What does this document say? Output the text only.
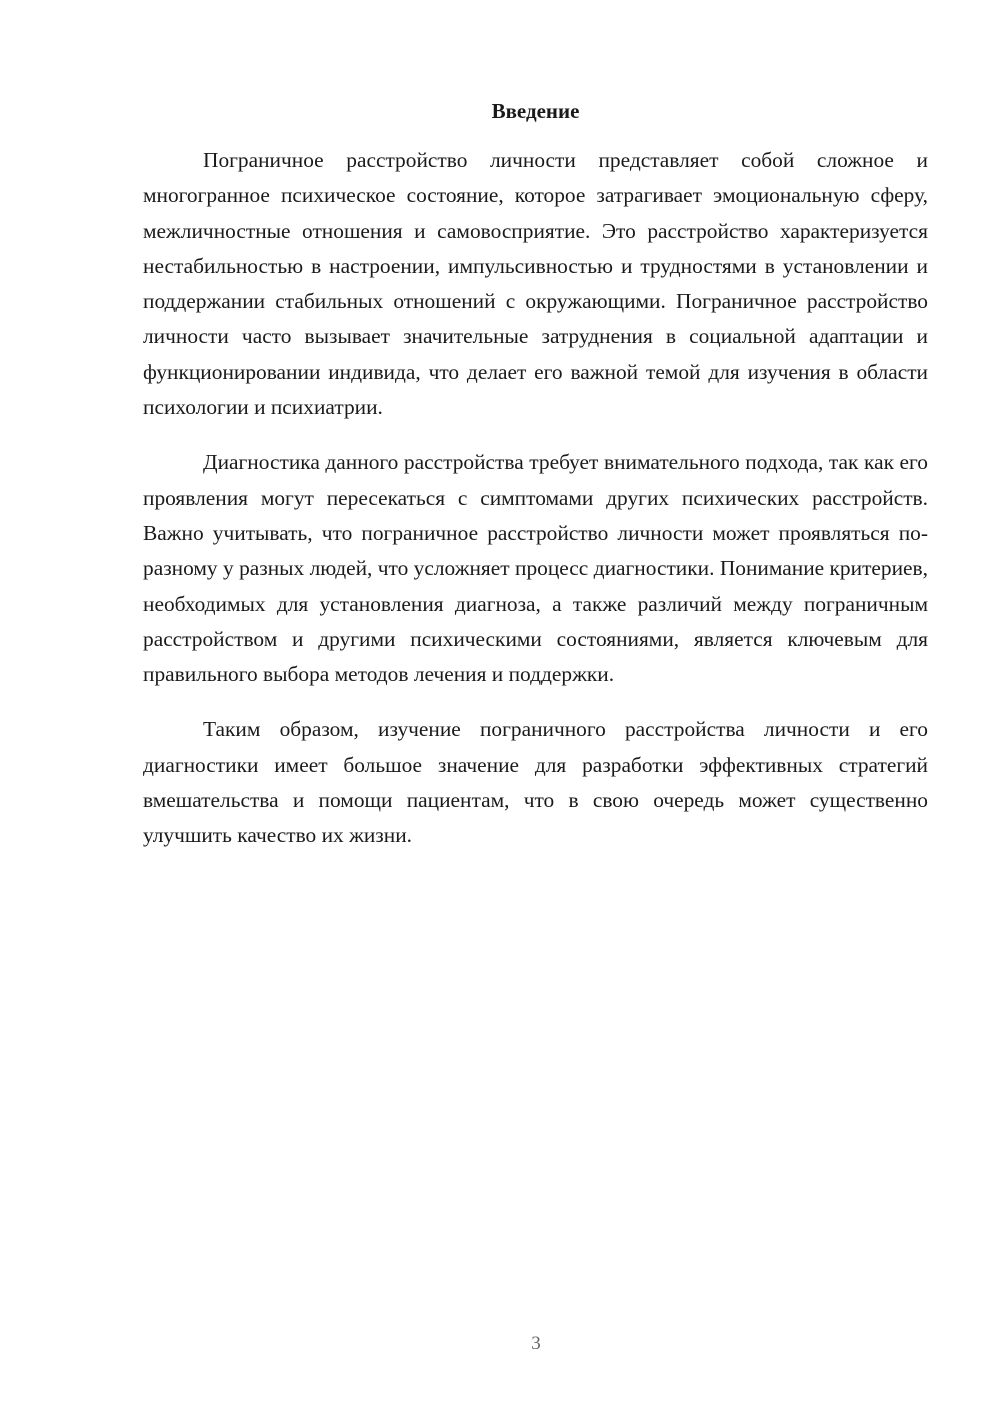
Введение

Пограничное расстройство личности представляет собой сложное и многогранное психическое состояние, которое затрагивает эмоциональную сферу, межличностные отношения и самовосприятие. Это расстройство характеризуется нестабильностью в настроении, импульсивностью и трудностями в установлении и поддержании стабильных отношений с окружающими. Пограничное расстройство личности часто вызывает значительные затруднения в социальной адаптации и функционировании индивида, что делает его важной темой для изучения в области психологии и психиатрии.

Диагностика данного расстройства требует внимательного подхода, так как его проявления могут пересекаться с симптомами других психических расстройств. Важно учитывать, что пограничное расстройство личности может проявляться по-разному у разных людей, что усложняет процесс диагностики. Понимание критериев, необходимых для установления диагноза, а также различий между пограничным расстройством и другими психическими состояниями, является ключевым для правильного выбора методов лечения и поддержки.

Таким образом, изучение пограничного расстройства личности и его диагностики имеет большое значение для разработки эффективных стратегий вмешательства и помощи пациентам, что в свою очередь может существенно улучшить качество их жизни.

3
